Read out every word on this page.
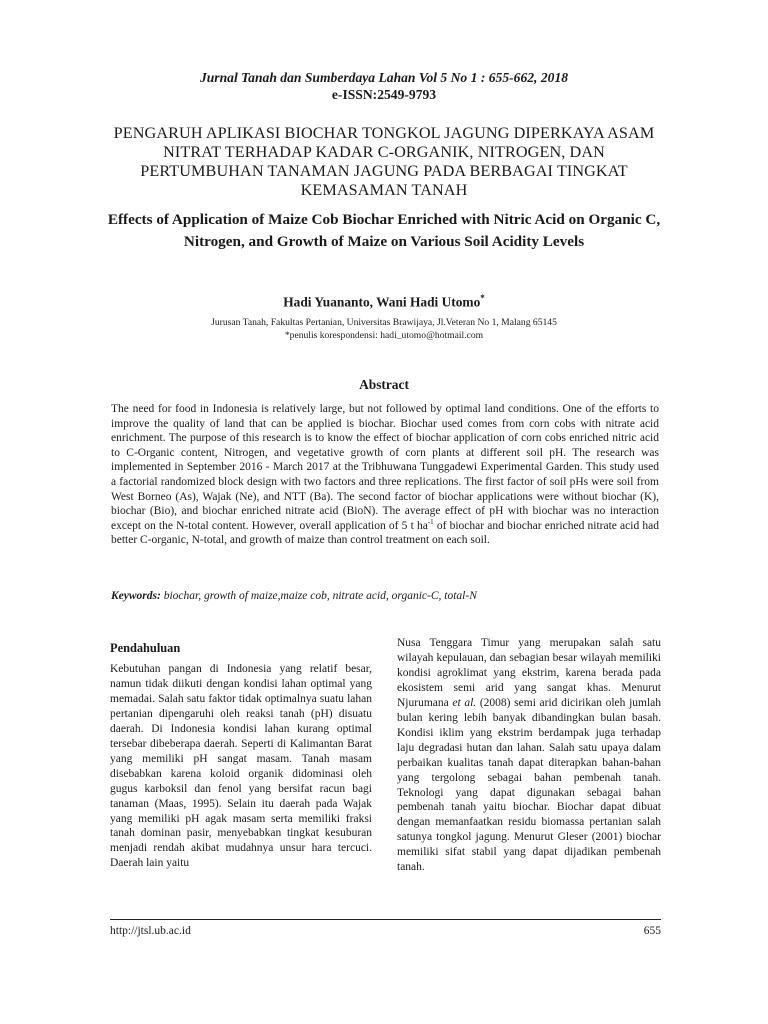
Jurnal Tanah dan Sumberdaya Lahan Vol 5 No 1 : 655-662, 2018
e-ISSN:2549-9793
PENGARUH APLIKASI BIOCHAR TONGKOL JAGUNG DIPERKAYA ASAM NITRAT TERHADAP KADAR C-ORGANIK, NITROGEN, DAN PERTUMBUHAN TANAMAN JAGUNG PADA BERBAGAI TINGKAT KEMASAMAN TANAH
Effects of Application of Maize Cob Biochar Enriched with Nitric Acid on Organic C, Nitrogen, and Growth of Maize on Various Soil Acidity Levels
Hadi Yuananto, Wani Hadi Utomo*
Jurusan Tanah, Fakultas Pertanian, Universitas Brawijaya, Jl.Veteran No 1, Malang 65145
*penulis korespondensi: hadi_utomo@hotmail.com
Abstract
The need for food in Indonesia is relatively large, but not followed by optimal land conditions. One of the efforts to improve the quality of land that can be applied is biochar. Biochar used comes from corn cobs with nitrate acid enrichment. The purpose of this research is to know the effect of biochar application of corn cobs enriched nitric acid to C-Organic content, Nitrogen, and vegetative growth of corn plants at different soil pH. The research was implemented in September 2016 - March 2017 at the Tribhuwana Tunggadewi Experimental Garden. This study used a factorial randomized block design with two factors and three replications. The first factor of soil pHs were soil from West Borneo (As), Wajak (Ne), and NTT (Ba). The second factor of biochar applications were without biochar (K), biochar (Bio), and biochar enriched nitrate acid (BioN). The average effect of pH with biochar was no interaction except on the N-total content. However, overall application of 5 t $ha^{-1}$ of biochar and biochar enriched nitrate acid had better C-organic, N-total, and growth of maize than control treatment on each soil.
Keywords: biochar, growth of maize,maize cob, nitrate acid, organic-C, total-N
Pendahuluan

Kebutuhan pangan di Indonesia yang relatif besar, namun tidak diikuti dengan kondisi lahan optimal yang memadai. Salah satu faktor tidak optimalnya suatu lahan pertanian dipengaruhi oleh reaksi tanah (pH) disuatu daerah. Di Indonesia kondisi lahan kurang optimal tersebar dibeberapa daerah. Seperti di Kalimantan Barat yang memiliki pH sangat masam. Tanah masam disebabkan karena koloid organik didominasi oleh gugus karboksil dan fenol yang bersifat racun bagi tanaman (Maas, 1995). Selain itu daerah pada Wajak yang memiliki pH agak masam serta memiliki fraksi tanah dominan pasir, menyebabkan tingkat kesuburan menjadi rendah akibat mudahnya unsur hara tercuci. Daerah lain yaitu

Nusa Tenggara Timur yang merupakan salah satu wilayah kepulauan, dan sebagian besar wilayah memiliki kondisi agroklimat yang ekstrim, karena berada pada ekosistem semi arid yang sangat khas. Menurut Njurumana et al. (2008) semi arid dicirikan oleh jumlah bulan kering lebih banyak dibandingkan bulan basah. Kondisi iklim yang ekstrim berdampak juga terhadap laju degradasi hutan dan lahan. Salah satu upaya dalam perbaikan kualitas tanah dapat diterapkan bahan-bahan yang tergolong sebagai bahan pembenah tanah. Teknologi yang dapat digunakan sebagai bahan pembenah tanah yaitu biochar. Biochar dapat dibuat dengan memanfaatkan residu biomassa pertanian salah satunya tongkol jagung. Menurut Gleser (2001) biochar memiliki sifat stabil yang dapat dijadikan pembenah tanah.

http://jtsl.ub.ac.id	655
